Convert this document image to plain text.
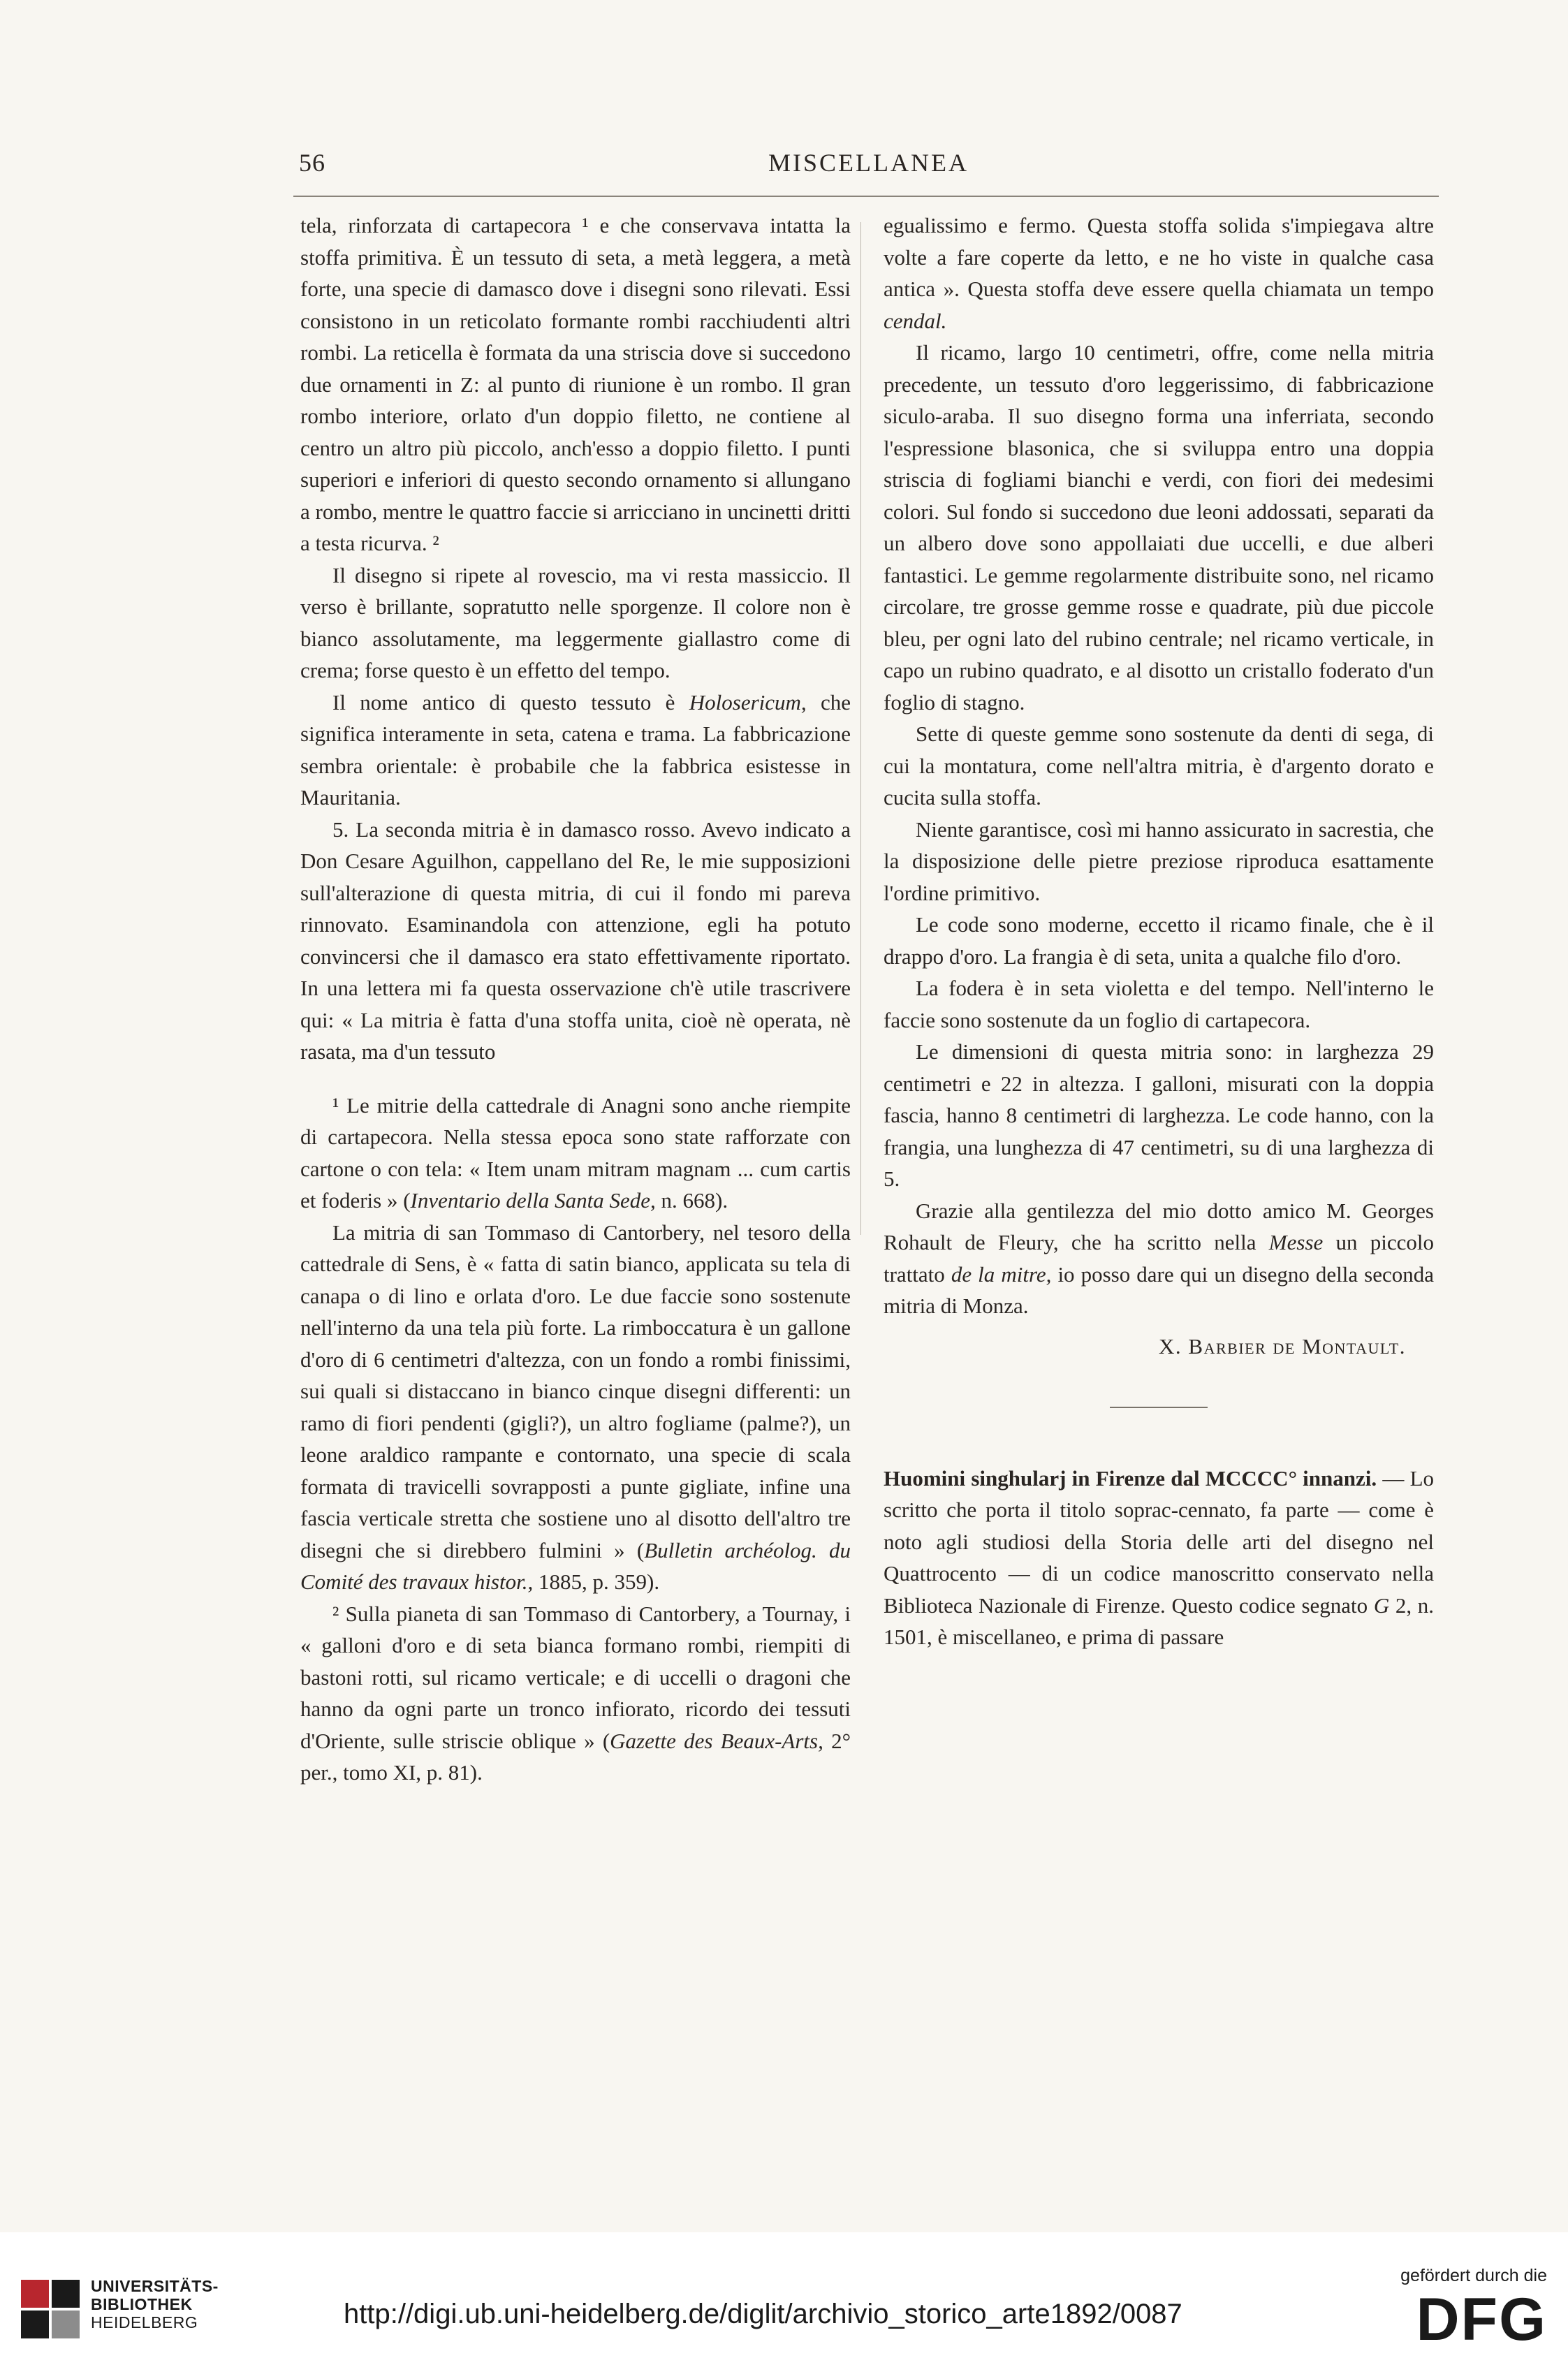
56	MISCELLANEA

tela, rinforzata di cartapecora ¹ e che conservava intatta la stoffa primitiva. È un tessuto di seta, a metà leggera, a metà forte, una specie di damasco dove i disegni sono rilevati. Essi consistono in un reticolato formante rombi racchiudenti altri rombi. La reticella è formata da una striscia dove si succedono due ornamenti in Z: al punto di riunione è un rombo. Il gran rombo interiore, orlato d'un doppio filetto, ne contiene al centro un altro più piccolo, anch'esso a doppio filetto. I punti superiori e inferiori di questo secondo ornamento si allungano a rombo, mentre le quattro faccie si arricciano in uncinetti dritti a testa ricurva. ²

Il disegno si ripete al rovescio, ma vi resta massiccio. Il verso è brillante, sopratutto nelle sporgenze. Il colore non è bianco assolutamente, ma leggermente giallastro come di crema; forse questo è un effetto del tempo.

Il nome antico di questo tessuto è Holosericum, che significa interamente in seta, catena e trama. La fabbricazione sembra orientale: è probabile che la fabbrica esistesse in Mauritania.

5. La seconda mitria è in damasco rosso. Avevo indicato a Don Cesare Aguilhon, cappellano del Re, le mie supposizioni sull'alterazione di questa mitria, di cui il fondo mi pareva rinnovato. Esaminandola con attenzione, egli ha potuto convincersi che il damasco era stato effettivamente riportato. In una lettera mi fa questa osservazione ch'è utile trascrivere qui: « La mitria è fatta d'una stoffa unita, cioè nè operata, nè rasata, ma d'un tessuto

¹ Le mitrie della cattedrale di Anagni sono anche riempite di cartapecora. Nella stessa epoca sono state rafforzate con cartone o con tela: « Item unam mitram magnam ... cum cartis et foderis » (Inventario della Santa Sede, n. 668).

La mitria di san Tommaso di Cantorbery, nel tesoro della cattedrale di Sens, è « fatta di satin bianco, applicata su tela di canapa o di lino e orlata d'oro. Le due faccie sono sostenute nell'interno da una tela più forte. La rimboccatura è un gallone d'oro di 6 centimetri d'altezza, con un fondo a rombi finissimi, sui quali si distaccano in bianco cinque disegni differenti: un ramo di fiori pendenti (gigli?), un altro fogliame (palme?), un leone araldico rampante e contornato, una specie di scala formata di travicelli sovrapposti a punte gigliate, infine una fascia verticale stretta che sostiene uno al disotto dell'altro tre disegni che si direbbero fulmini » (Bulletin archéolog. du Comité des travaux histor., 1885, p. 359).

² Sulla pianeta di san Tommaso di Cantorbery, a Tournay, i « galloni d'oro e di seta bianca formano rombi, riempiti di bastoni rotti, sul ricamo verticale; e di uccelli o dragoni che hanno da ogni parte un tronco infiorato, ricordo dei tessuti d'Oriente, sulle striscie oblique » (Gazette des Beaux-Arts, 2° per., tomo XI, p. 81).

egualissimo e fermo. Questa stoffa solida s'impiegava altre volte a fare coperte da letto, e ne ho viste in qualche casa antica ». Questa stoffa deve essere quella chiamata un tempo cendal.

Il ricamo, largo 10 centimetri, offre, come nella mitria precedente, un tessuto d'oro leggerissimo, di fabbricazione siculo-araba. Il suo disegno forma una inferriata, secondo l'espressione blasonica, che si sviluppa entro una doppia striscia di fogliami bianchi e verdi, con fiori dei medesimi colori. Sul fondo si succedono due leoni addossati, separati da un albero dove sono appollaiati due uccelli, e due alberi fantastici. Le gemme regolarmente distribuite sono, nel ricamo circolare, tre grosse gemme rosse e quadrate, più due piccole bleu, per ogni lato del rubino centrale; nel ricamo verticale, in capo un rubino quadrato, e al disotto un cristallo foderato d'un foglio di stagno.

Sette di queste gemme sono sostenute da denti di sega, di cui la montatura, come nell'altra mitria, è d'argento dorato e cucita sulla stoffa.

Niente garantisce, così mi hanno assicurato in sacrestia, che la disposizione delle pietre preziose riproduca esattamente l'ordine primitivo.

Le code sono moderne, eccetto il ricamo finale, che è il drappo d'oro. La frangia è di seta, unita a qualche filo d'oro.

La fodera è in seta violetta e del tempo. Nell'interno le faccie sono sostenute da un foglio di cartapecora.

Le dimensioni di questa mitria sono: in larghezza 29 centimetri e 22 in altezza. I galloni, misurati con la doppia fascia, hanno 8 centimetri di larghezza. Le code hanno, con la frangia, una lunghezza di 47 centimetri, su di una larghezza di 5.

Grazie alla gentilezza del mio dotto amico M. Georges Rohault de Fleury, che ha scritto nella Messe un piccolo trattato de la mitre, io posso dare qui un disegno della seconda mitria di Monza.

X. Barbier de Montault.

Huomini singhularj in Firenze dal MCCCC° innanzi. — Lo scritto che porta il titolo soprac-cennato, fa parte — come è noto agli studiosi della Storia delle arti del disegno nel Quattrocento — di un codice manoscritto conservato nella Biblioteca Nazionale di Firenze. Questo codice segnato G 2, n. 1501, è miscellaneo, e prima di passare

UNIVERSITÄTS-
BIBLIOTHEK
HEIDELBERG	http://digi.ub.uni-heidelberg.de/diglit/archivio_storico_arte1892/0087
gefördert durch die
DFG
